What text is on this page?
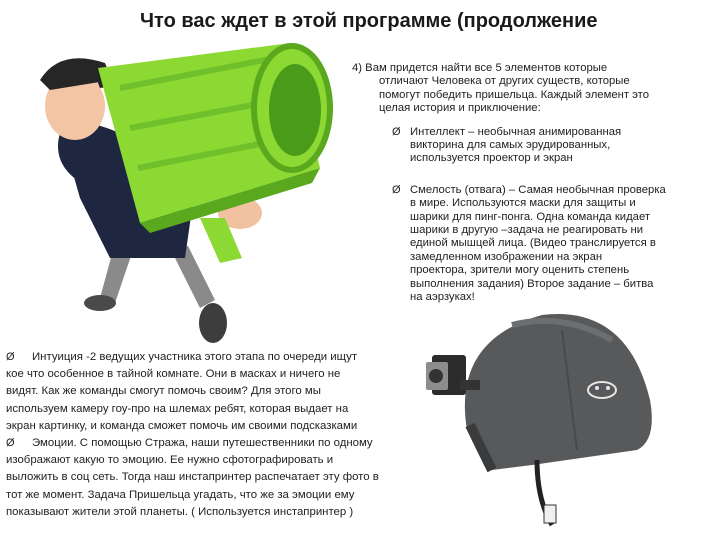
Что вас ждет в этой программе (продолжение
4) Вам придется найти все 5 элементов которые
отличают Человека от других существ, которые
помогут победить пришельца. Каждый элемент это
целая история и приключение:
Ø Интеллект – необычная анимированная
викторина для самых эрудированных,
используется проектор и экран
Ø Смелость (отвага) – Самая необычная проверка
в мире. Используются маски для защиты и
шарики для пинг-понга. Одна команда кидает
шарики в другую –задача не реагировать ни
единой мышцей лица. (Видео транслируется в
замедленном изображении на экран
проектора, зрители могу оценить степень
выполнения задания) Второе задание – битва
на аэрзуках!
Ø Интуиция -2 ведущих участника этого этапа по очереди ищут
кое что особенное в тайной комнате. Они в масках и ничего не
видят. Как же команды смогут помочь своим? Для этого мы
используем камеру гоу-про на шлемах ребят, которая выдает на
экран картинку, и команда сможет помочь им своими подсказками
Ø Эмоции. С помощью Стража, наши путешественники по одному
изображают какую то эмоцию. Ее нужно сфотографировать и
выложить в соц сеть. Тогда наш инстапринтер распечатает эту фото в
тот же момент. Задача Пришельца угадать, что же за эмоции ему
показывают жители этой планеты. ( Используется инстапринтер )
